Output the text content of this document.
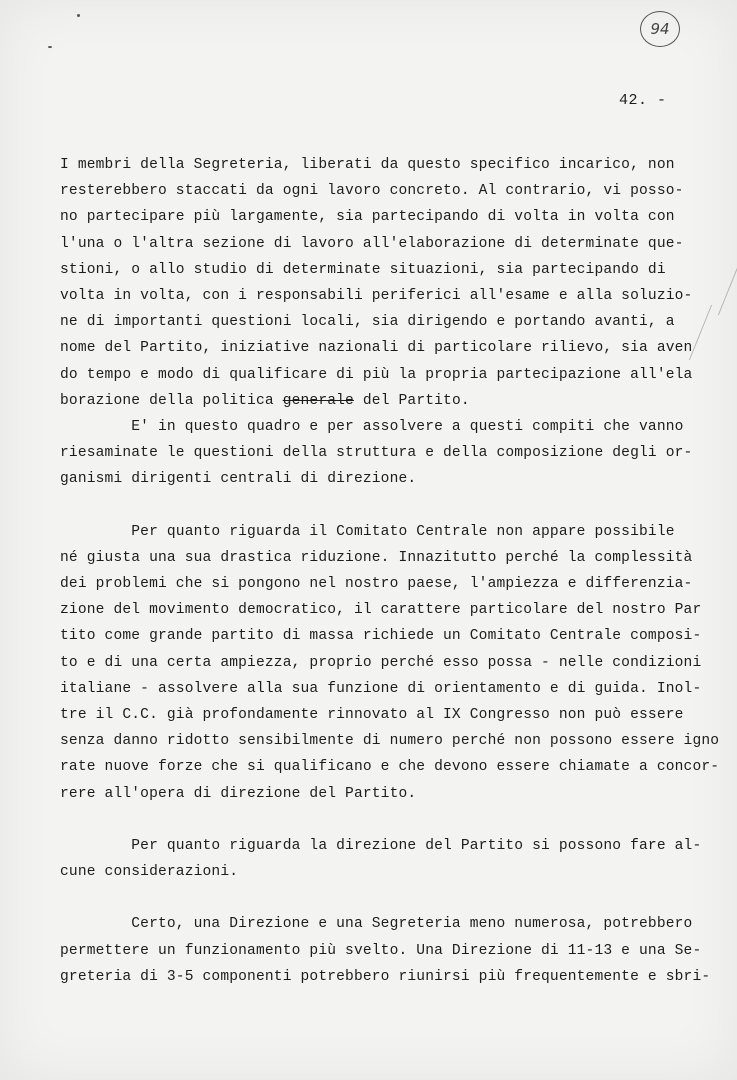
94
42. -
I membri della Segreteria, liberati da questo specifico incarico, non
resterebbero staccati da ogni lavoro concreto. Al contrario, vi posso-
no partecipare più largamente, sia partecipando di volta in volta con
l'una o l'altra sezione di lavoro all'elaborazione di determinate que-
stioni, o allo studio di determinate situazioni, sia partecipando di
volta in volta, con i responsabili periferici all'esame e alla soluzio-
ne di importanti questioni locali, sia dirigendo e portando avanti, a
nome del Partito, iniziative nazionali di particolare rilievo, sia aven
do tempo e modo di qualificare di più la propria partecipazione all'ela
borazione della politica generale del Partito.
E' in questo quadro e per assolvere a questi compiti che vanno
riesaminate le questioni della struttura e della composizione degli or-
ganismi dirigenti centrali di direzione.
Per quanto riguarda il Comitato Centrale non appare possibile
né giusta una sua drastica riduzione. Innazitutto perché la complessità
dei problemi che si pongono nel nostro paese, l'ampiezza e differenzia-
zione del movimento democratico, il carattere particolare del nostro Par
tito come grande partito di massa richiede un Comitato Centrale composi-
to e di una certa ampiezza, proprio perché esso possa - nelle condizioni
italiane - assolvere alla sua funzione di orientamento e di guida. Inol-
tre il C.C. già profondamente rinnovato al IX Congresso non può essere
senza danno ridotto sensibilmente di numero perché non possono essere igno
rate nuove forze che si qualificano e che devono essere chiamate a concor-
rere all'opera di direzione del Partito.
Per quanto riguarda la direzione del Partito si possono fare al-
cune considerazioni.
Certo, una Direzione e una Segreteria meno numerosa, potrebbero
permettere un funzionamento più svelto. Una Direzione di 11-13 e una Se-
greteria di 3-5 componenti potrebbero riunirsi più frequentemente e sbri-
